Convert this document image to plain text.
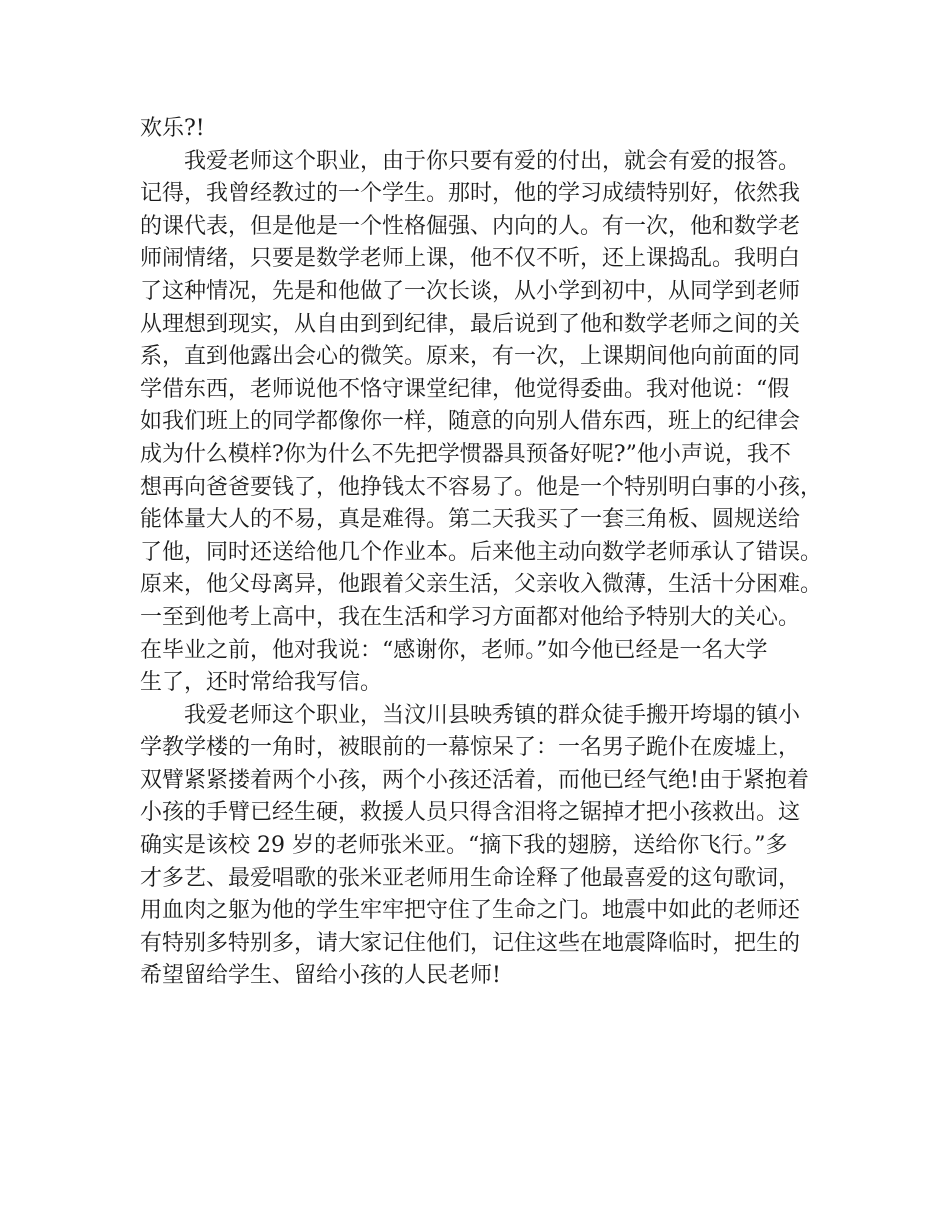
欢乐?!
我爱老师这个职业，由于你只要有爱的付出，就会有爱的报答。
记得，我曾经教过的一个学生。那时，他的学习成绩特别好，依然我
的课代表，但是他是一个性格倔强、内向的人。有一次，他和数学老
师闹情绪，只要是数学老师上课，他不仅不听，还上课捣乱。我明白
了这种情况，先是和他做了一次长谈，从小学到初中，从同学到老师
从理想到现实，从自由到到纪律，最后说到了他和数学老师之间的关
系，直到他露出会心的微笑。原来，有一次，上课期间他向前面的同
学借东西，老师说他不恪守课堂纪律，他觉得委曲。我对他说：“假
如我们班上的同学都像你一样，随意的向别人借东西，班上的纪律会
成为什么模样?你为什么不先把学惯器具预备好呢?”他小声说，我不
想再向爸爸要钱了，他挣钱太不容易了。他是一个特别明白事的小孩，
能体量大人的不易，真是难得。第二天我买了一套三角板、圆规送给
了他，同时还送给他几个作业本。后来他主动向数学老师承认了错误。
原来，他父母离异，他跟着父亲生活，父亲收入微薄，生活十分困难。
一至到他考上高中，我在生活和学习方面都对他给予特别大的关心。
在毕业之前，他对我说：“感谢你，老师。”如今他已经是一名大学
生了，还时常给我写信。
我爱老师这个职业，当汶川县映秀镇的群众徒手搬开垮塌的镇小
学教学楼的一角时，被眼前的一幕惊呆了：一名男子跪仆在废墟上，
双臂紧紧搂着两个小孩，两个小孩还活着，而他已经气绝!由于紧抱着
小孩的手臂已经生硬，救援人员只得含泪将之锯掉才把小孩救出。这
确实是该校 29 岁的老师张米亚。“摘下我的翅膀，送给你飞行。”多
才多艺、最爱唱歌的张米亚老师用生命诠释了他最喜爱的这句歌词，
用血肉之躯为他的学生牢牢把守住了生命之门。地震中如此的老师还
有特别多特别多，请大家记住他们，记住这些在地震降临时，把生的
希望留给学生、留给小孩的人民老师!
